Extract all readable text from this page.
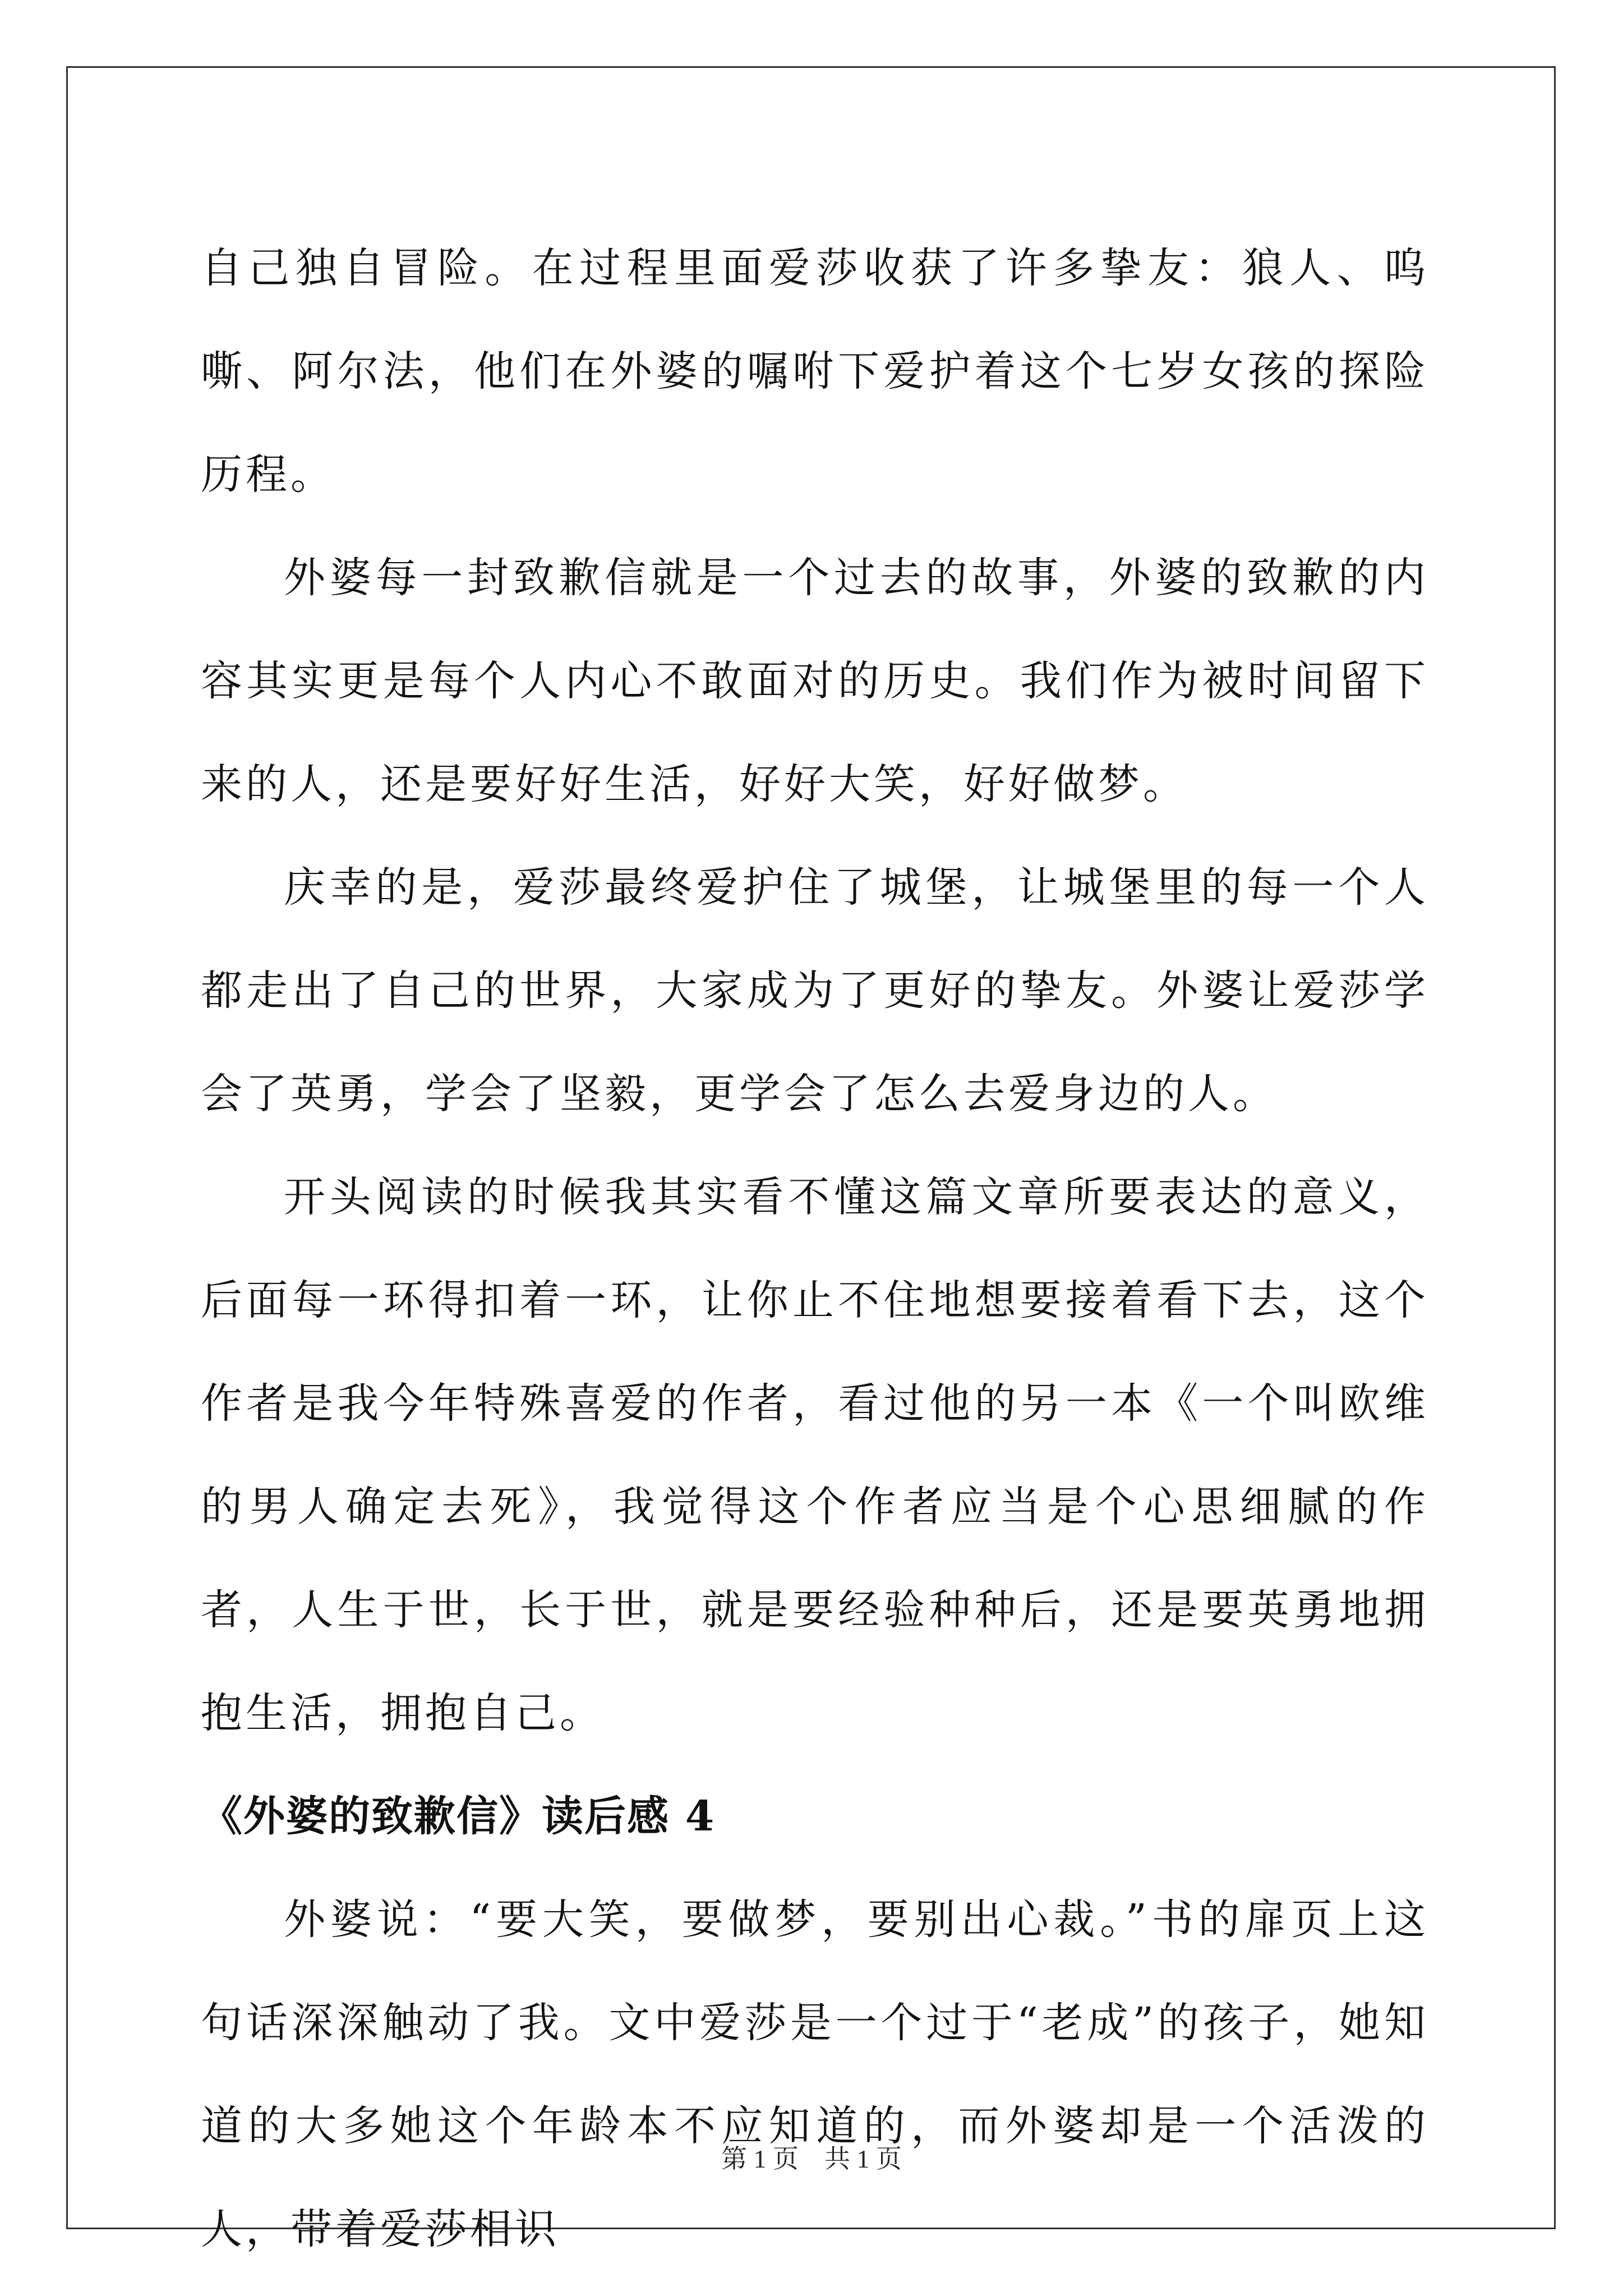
自己独自冒险。在过程里面爱莎收获了许多挚友：狼人、呜嘶、阿尔法，他们在外婆的嘱咐下爱护着这个七岁女孩的探险历程。

外婆每一封致歉信就是一个过去的故事，外婆的致歉的内容其实更是每个人内心不敢面对的历史。我们作为被时间留下来的人，还是要好好生活，好好大笑，好好做梦。

庆幸的是，爱莎最终爱护住了城堡，让城堡里的每一个人都走出了自己的世界，大家成为了更好的挚友。外婆让爱莎学会了英勇，学会了坚毅，更学会了怎么去爱身边的人。

开头阅读的时候我其实看不懂这篇文章所要表达的意义，后面每一环得扣着一环，让你止不住地想要接着看下去，这个作者是我今年特殊喜爱的作者，看过他的另一本《一个叫欧维的男人确定去死》，我觉得这个作者应当是个心思细腻的作者，人生于世，长于世，就是要经验种种后，还是要英勇地拥抱生活，拥抱自己。

《外婆的致歉信》读后感 4

外婆说：“要大笑，要做梦，要别出心裁。”书的扉页上这句话深深触动了我。文中爱莎是一个过于“老成”的孩子，她知道的大多她这个年龄本不应知道的，而外婆却是一个活泼的人，带着爱莎相识

第 1 页　共 1 页
